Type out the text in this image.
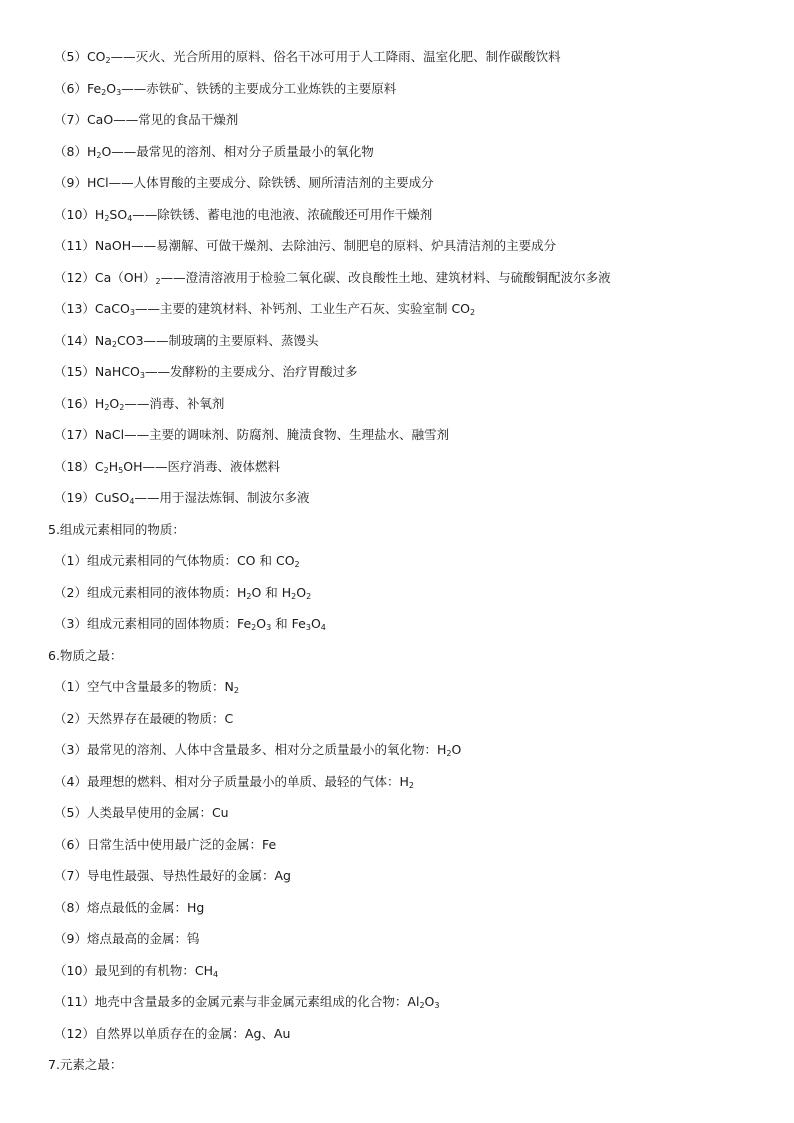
$(5)CO_2——$灭火、光合所用的原料、俗名干冰可用于人工降雨、温室化肥、制作碳酸饮料
$(6)Fe_2O_3——$赤铁矿、铁锈的主要成分工业炼铁的主要原料
（7）CaO——常见的食品干燥剂
$(8)H_2O——$最常见的溶剂、相对分子质量最小的氧化物
（9）HCl——人体胃酸的主要成分、除铁锈、厕所清洁剂的主要成分
$(10)H_2SO_4——$除铁锈、蓄电池的电池液、浓硫酸还可用作干燥剂
（11）NaOH——易潮解、可做干燥剂、去除油污、制肥皂的原料、炉具清洁剂的主要成分
$(12)Ca(OH)_2——$澄清溶液用于检验二氧化碳、改良酸性土地、建筑材料、与硫酸铜配波尔多液
（13）CaCO$_3$——主要的建筑材料、补钙剂、工业生产石灰、实验室制 $CO_2$
$(14)Na_2CO3——$制玻璃的主要原料、蒸馒头
（15）NaHCO$_3$——发酵粉的主要成分、治疗胃酸过多
$(16)H_2O_2——$消毒、补氧剂
（17）NaCl——主要的调味剂、防腐剂、腌渍食物、生理盐水、融雪剂
$(18)C_2H_5OH——$医疗消毒、液体燃料
（19）CuSO$_4$——用于湿法炼铜、制波尔多液
5.组成元素相同的物质：
（1）组成元素相同的气体物质：CO 和 $CO_2$
（2）组成元素相同的液体物质：$H_2O$ 和 $H_2O_2$
（3）组成元素相同的固体物质：$Fe_2O_3$ 和 $Fe_3O_4$
6.物质之最：
（1）空气中含量最多的物质：$N_2$
（2）天然界存在最硬的物质：C
（3）最常见的溶剂、人体中含量最多、相对分之质量最小的氧化物：$H_2O$
（4）最理想的燃料、相对分子质量最小的单质、最轻的气体：$H_2$
（5）人类最早使用的金属：Cu
（6）日常生活中使用最广泛的金属：Fe
（7）导电性最强、导热性最好的金属：Ag
（8）熔点最低的金属：Hg
（9）熔点最高的金属：钨
（10）最见到的有机物：$CH_4$
（11）地壳中含量最多的金属元素与非金属元素组成的化合物：$Al_2O_3$
（12）自然界以单质存在的金属：Ag、Au
7.元素之最：
